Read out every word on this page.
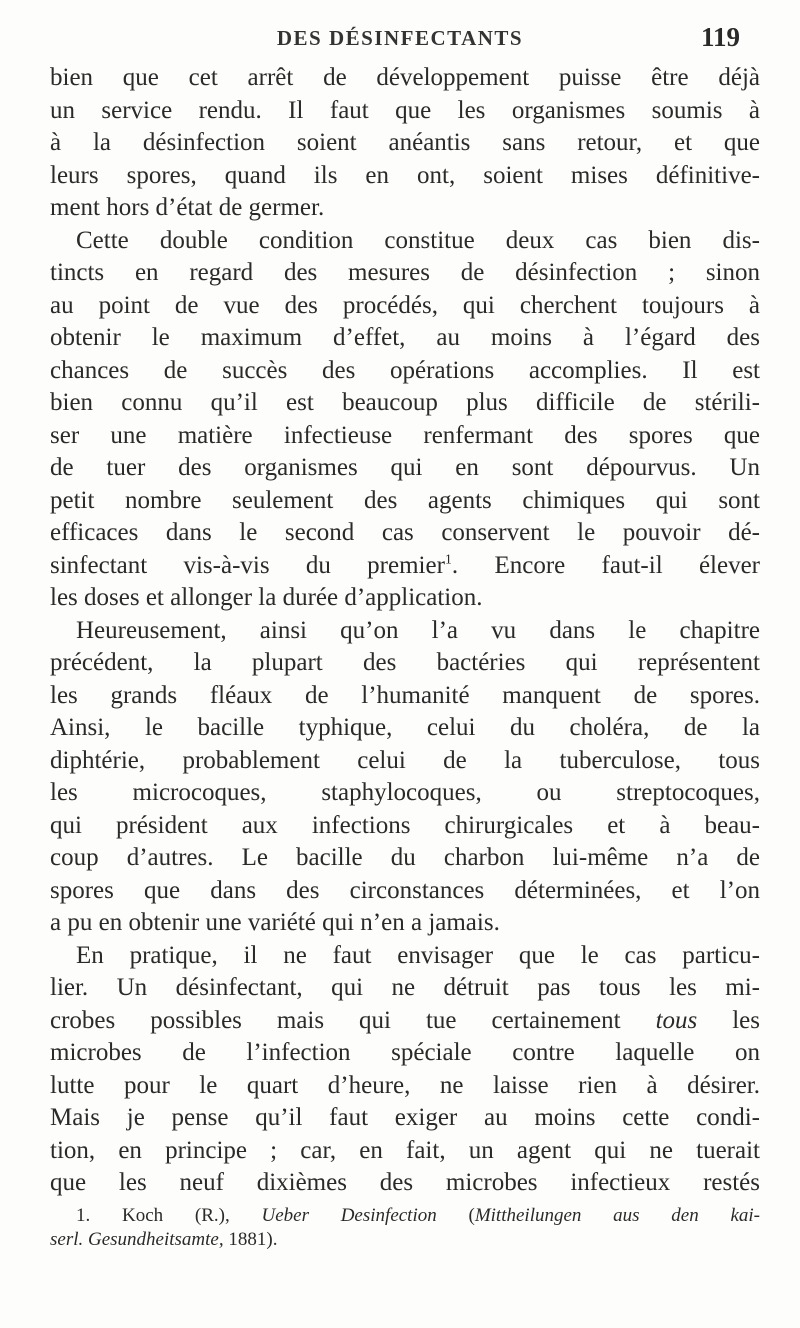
DES DÉSINFECTANTS	119
bien que cet arrêt de développement puisse être déjà
un service rendu. Il faut que les organismes soumis à
à la désinfection soient anéantis sans retour, et que
leurs spores, quand ils en ont, soient mises définitive-
ment hors d’état de germer.
Cette double condition constitue deux cas bien dis-
tincts en regard des mesures de désinfection ; sinon
au point de vue des procédés, qui cherchent toujours à
obtenir le maximum d’effet, au moins à l’égard des
chances de succès des opérations accomplies. Il est
bien connu qu’il est beaucoup plus difficile de stérili-
ser une matière infectieuse renfermant des spores que
de tuer des organismes qui en sont dépourvus. Un
petit nombre seulement des agents chimiques qui sont
efficaces dans le second cas conservent le pouvoir dé-
sinfectant vis-à-vis du premier$^1$. Encore faut-il élever
les doses et allonger la durée d’application.
Heureusement, ainsi qu’on l’a vu dans le chapitre
précédent, la plupart des bactéries qui représentent
les grands fléaux de l’humanité manquent de spores.
Ainsi, le bacille typhique, celui du choléra, de la
diphtérie, probablement celui de la tuberculose, tous
les microcoques, staphylocoques, ou streptocoques,
qui président aux infections chirurgicales et à beau-
coup d’autres. Le bacille du charbon lui-même n’a de
spores que dans des circonstances déterminées, et l’on
a pu en obtenir une variété qui n’en a jamais.
En pratique, il ne faut envisager que le cas particu-
lier. Un désinfectant, qui ne détruit pas tous les mi-
crobes possibles mais qui tue certainement tous les
microbes de l’infection spéciale contre laquelle on
lutte pour le quart d’heure, ne laisse rien à désirer.
Mais je pense qu’il faut exiger au moins cette condi-
tion, en principe ; car, en fait, un agent qui ne tuerait
que les neuf dixièmes des microbes infectieux restés
1. Koch (R.), Ueber Desinfection (Mittheilungen aus den kai-
serl. Gesundheitsamte, 1881).
